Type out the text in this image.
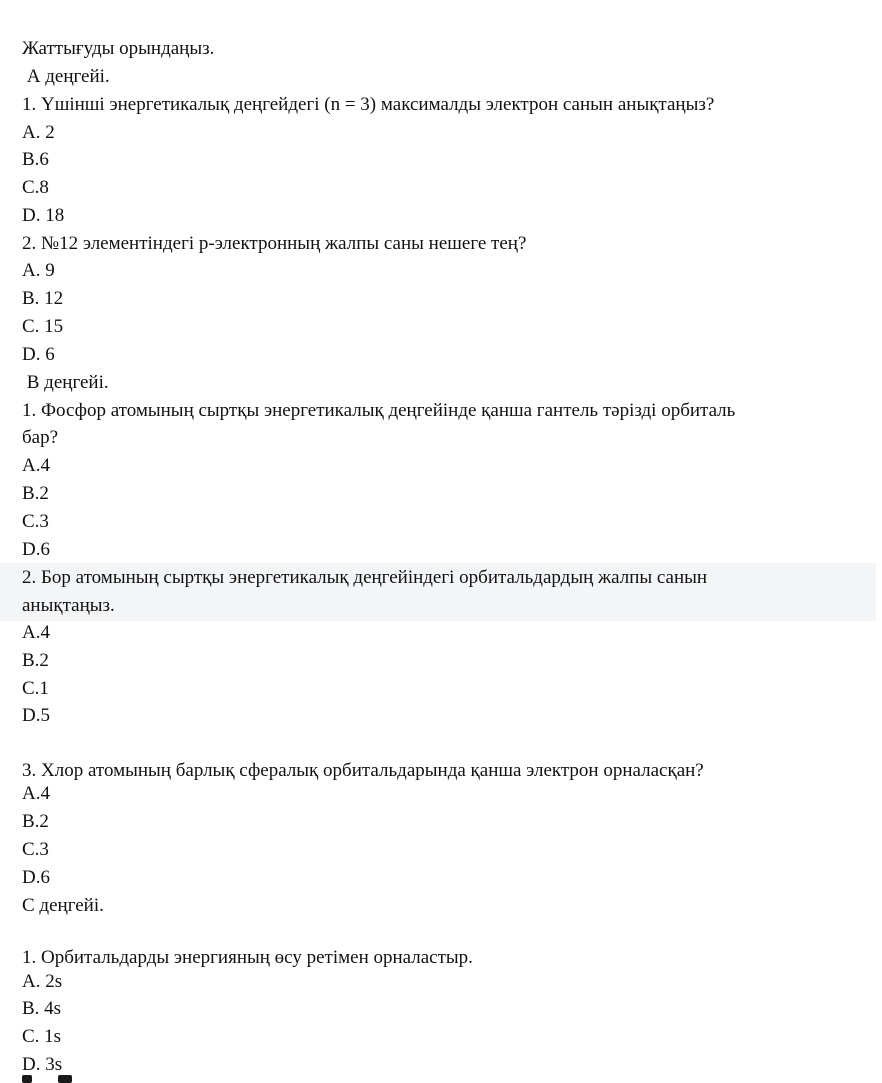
Жаттығуды орындаңыз.
А деңгейі.
1. Үшінші энергетикалық деңгейдегі (n = 3) максималды электрон санын анықтаңыз?
А. 2
В.6
С.8
D. 18
2. №12 элементіндегі р-электронның жалпы саны нешеге тең?
А. 9
В. 12
С. 15
D. 6
В деңгейі.
1. Фосфор атомының сыртқы энергетикалық деңгейінде қанша гантель тәрізді орбиталь
бар?
А.4
В.2
С.3
D.6
2. Бор атомының сыртқы энергетикалық деңгейіндегі орбитальдардың жалпы санын
анықтаңыз.
А.4
В.2
С.1
D.5
3. Хлор атомының барлық сфералық орбитальдарында қанша электрон орналасқан?
А.4
В.2
С.3
D.6
С деңгейі.
1. Орбитальдарды энергияның өсу ретімен орналастыр.
А. 2s
В. 4s
С. 1s
D. 3s
